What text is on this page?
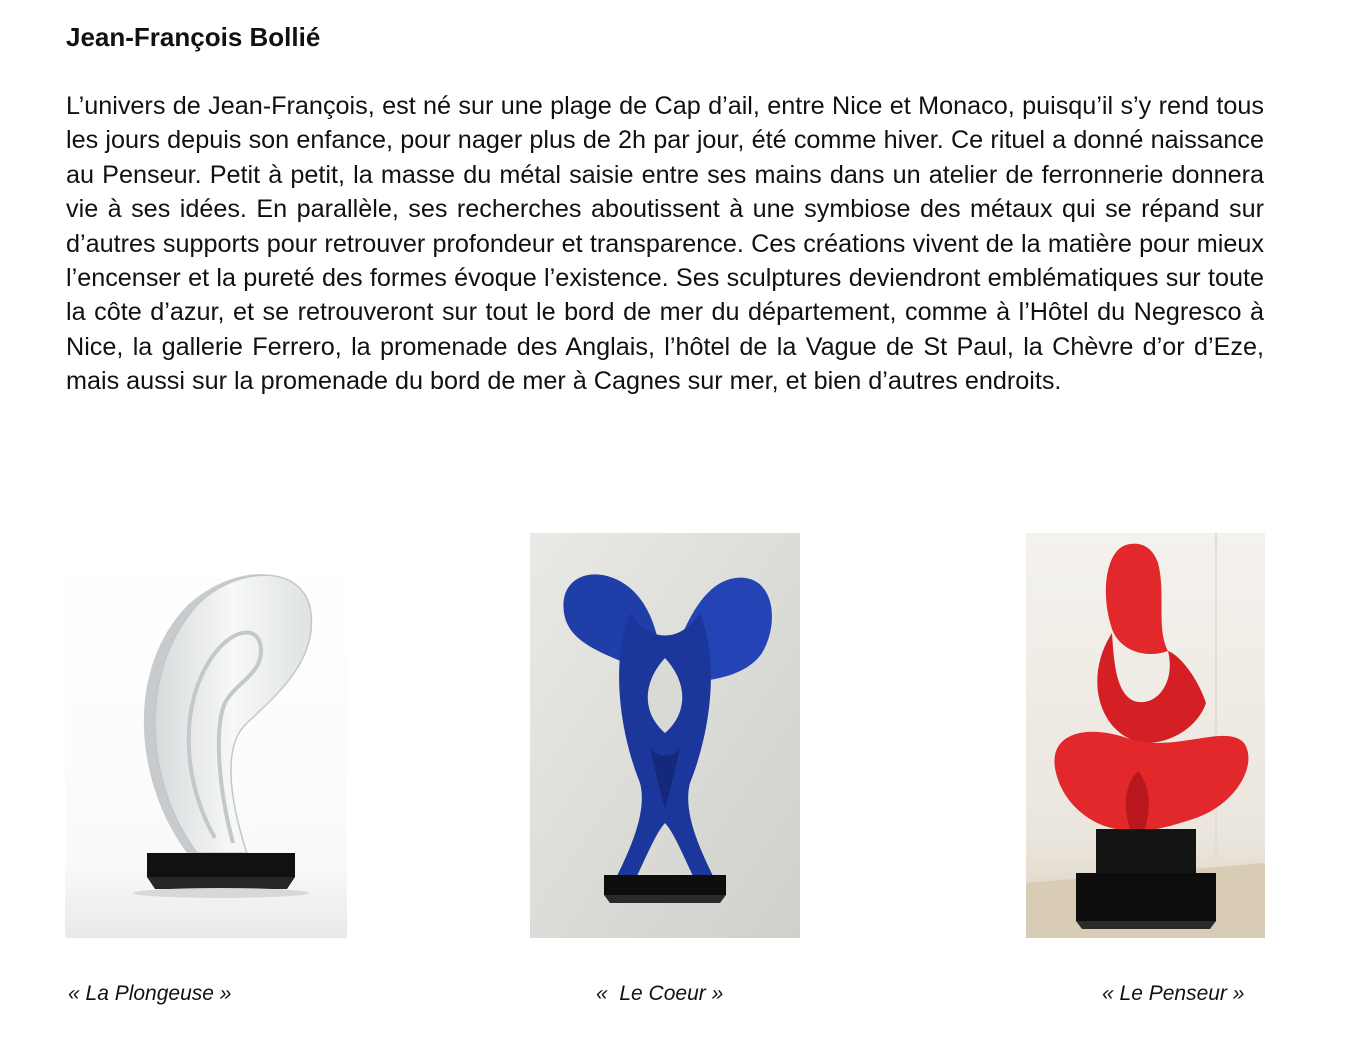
Jean-François Bollié

L’univers de Jean-François, est né sur une plage de Cap d’ail, entre Nice et Monaco, puisqu’il s’y rend tous les jours depuis son enfance, pour nager plus de 2h par jour, été comme hiver. Ce rituel a donné naissance au Penseur. Petit à petit, la masse du métal saisie entre ses mains dans un atelier de ferronnerie donnera vie à ses idées. En parallèle, ses recherches aboutissent à une symbiose des métaux qui se répand sur d’autres supports pour retrouver profondeur et transparence. Ces créations vivent de la matière pour mieux l’encenser et la pureté des formes évoque l’existence. Ses sculptures deviendront emblématiques sur toute la côte d’azur, et se retrouveront sur tout le bord de mer du département, comme à l’Hôtel du Negresco à Nice, la gallerie Ferrero, la promenade des Anglais, l’hôtel de la Vague de St Paul, la Chèvre d’or d’Eze, mais aussi sur la promenade du bord de mer à Cagnes sur mer, et bien d’autres endroits.

« La Plongeuse »	«  Le Coeur »	« Le Penseur »
